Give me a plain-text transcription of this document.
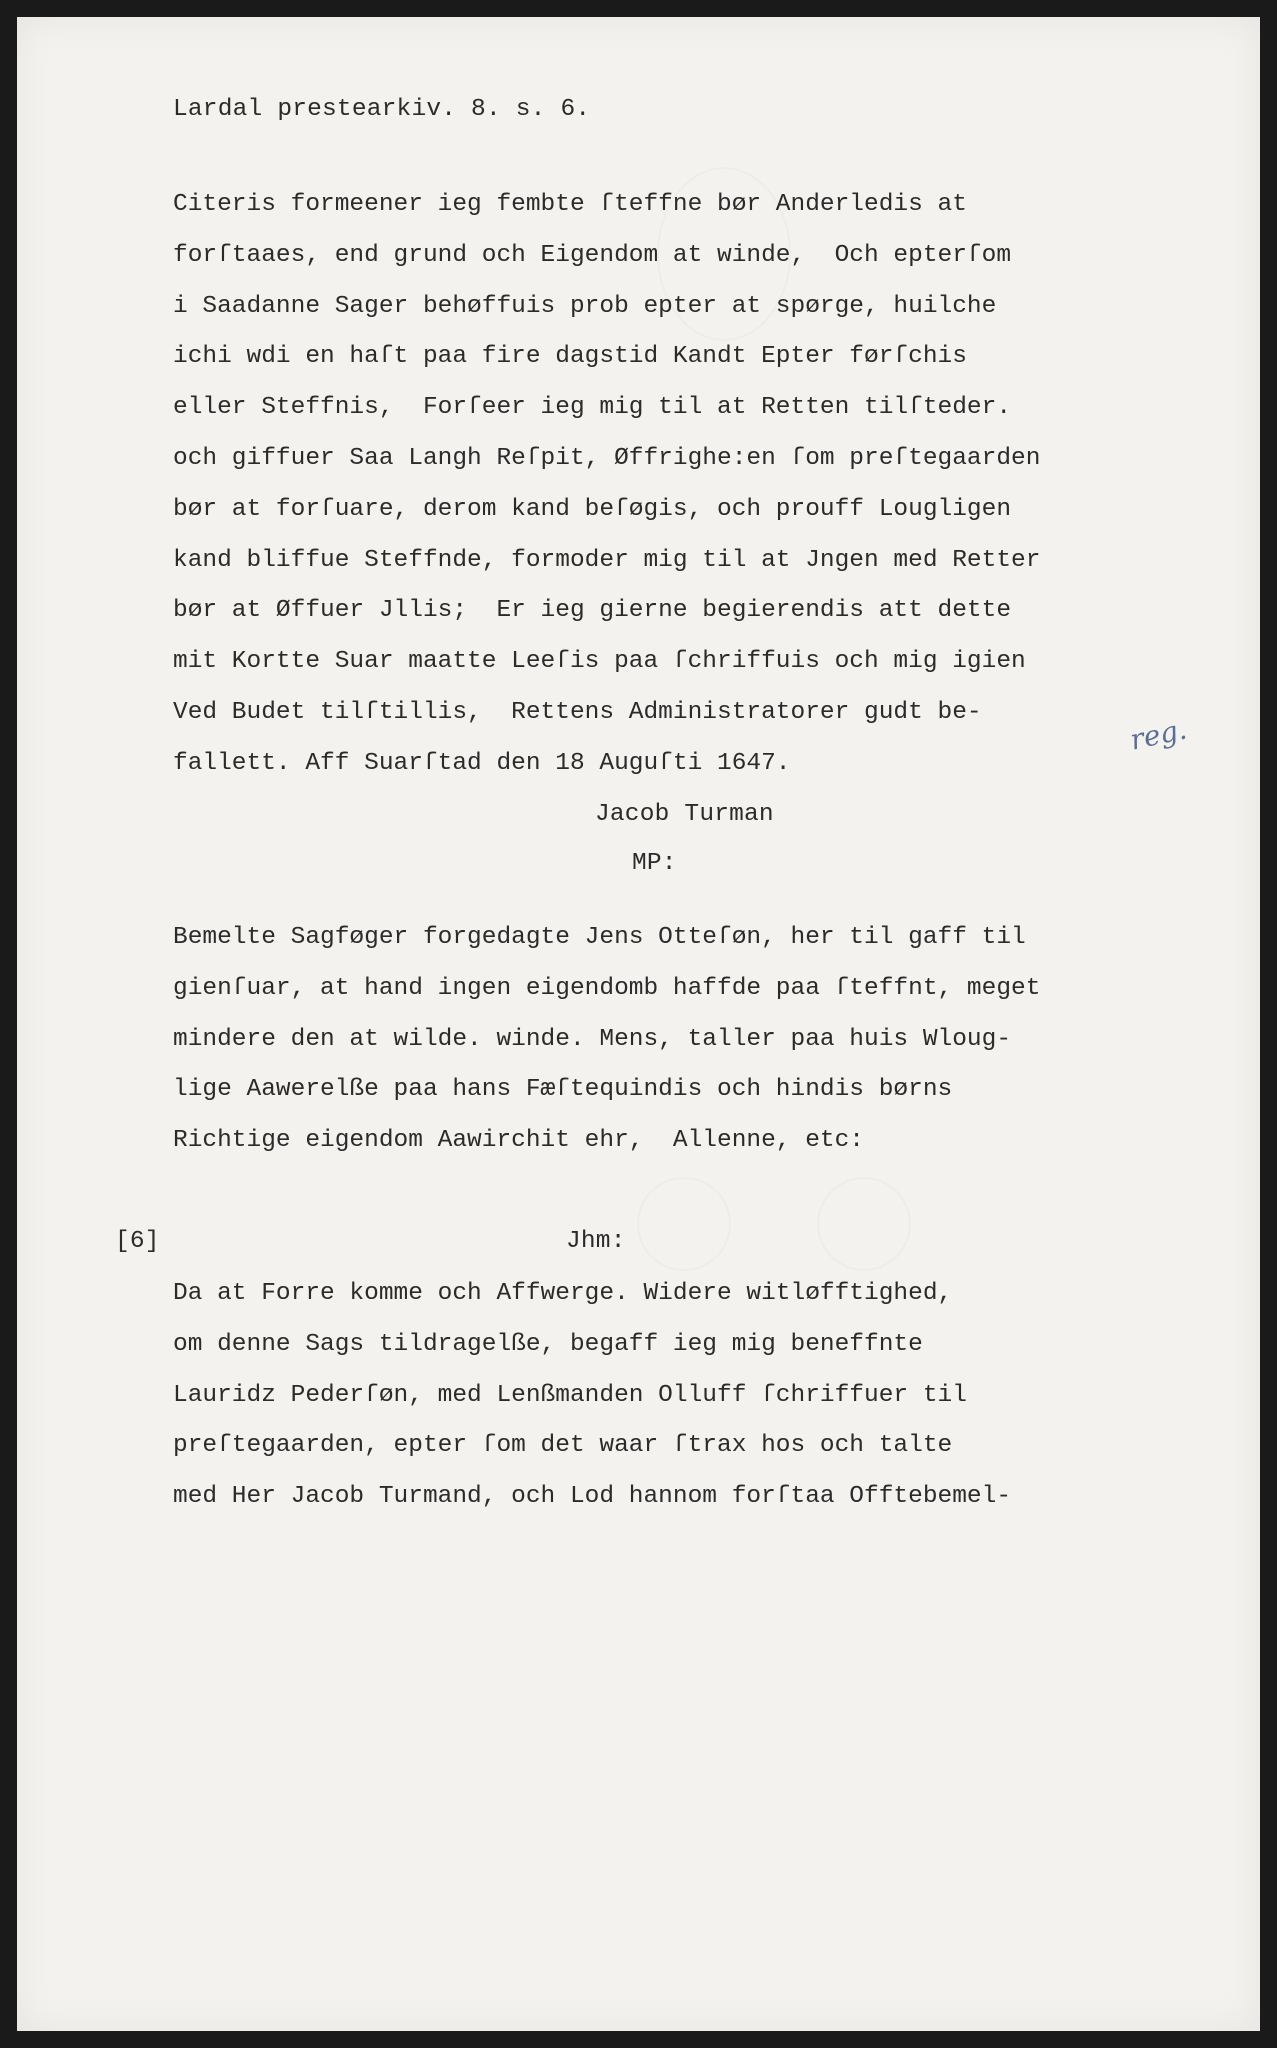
Lardal prestearkiv. 8. s. 6.
Citeris formeener ieg fembte ſteffne bør Anderledis at
forſtaaes, end grund och Eigendom at winde,  Och epterſom
i Saadanne Sager behøffuis prob epter at spørge, huilche
ichi wdi en haſt paa fire dagstid Kandt Epter førſchis
eller Steffnis,  Forſeer ieg mig til at Retten tilſteder.
och giffuer Saa Langh Reſpit, Øffrighe:en ſom preſtegaarden
bør at forſuare, derom kand beſøgis, och prouff Lougligen
kand bliffue Steffnde, formoder mig til at Jngen med Retter
bør at Øffuer Jllis;  Er ieg gierne begierendis att dette
mit Kortte Suar maatte Leeſis paa ſchriffuis och mig igien
Ved Budet tilſtillis,  Rettens Administratorer gudt be-
fallett. Aff Suarſtad den 18 Auguſti 1647.
Jacob Turman
MP:
reg.
Bemelte Sagføger forgedagte Jens Otteſøn, her til gaff til
gienſuar, at hand ingen eigendomb haffde paa ſteffnt, meget
mindere den at wilde. winde. Mens, taller paa huis Wloug-
lige Aawerelße paa hans Fæſtequindis och hindis børns
Richtige eigendom Aawirchit ehr,  Allenne, etc:
[6]	Jhm:
Da at Forre komme och Affwerge. Widere witløfftighed,
om denne Sags tildragelße, begaff ieg mig beneffnte
Lauridz Pederſøn, med Lenßmanden Olluff ſchriffuer til
preſtegaarden, epter ſom det waar ſtrax hos och talte
med Her Jacob Turmand, och Lod hannom forſtaa Offtebemel-
